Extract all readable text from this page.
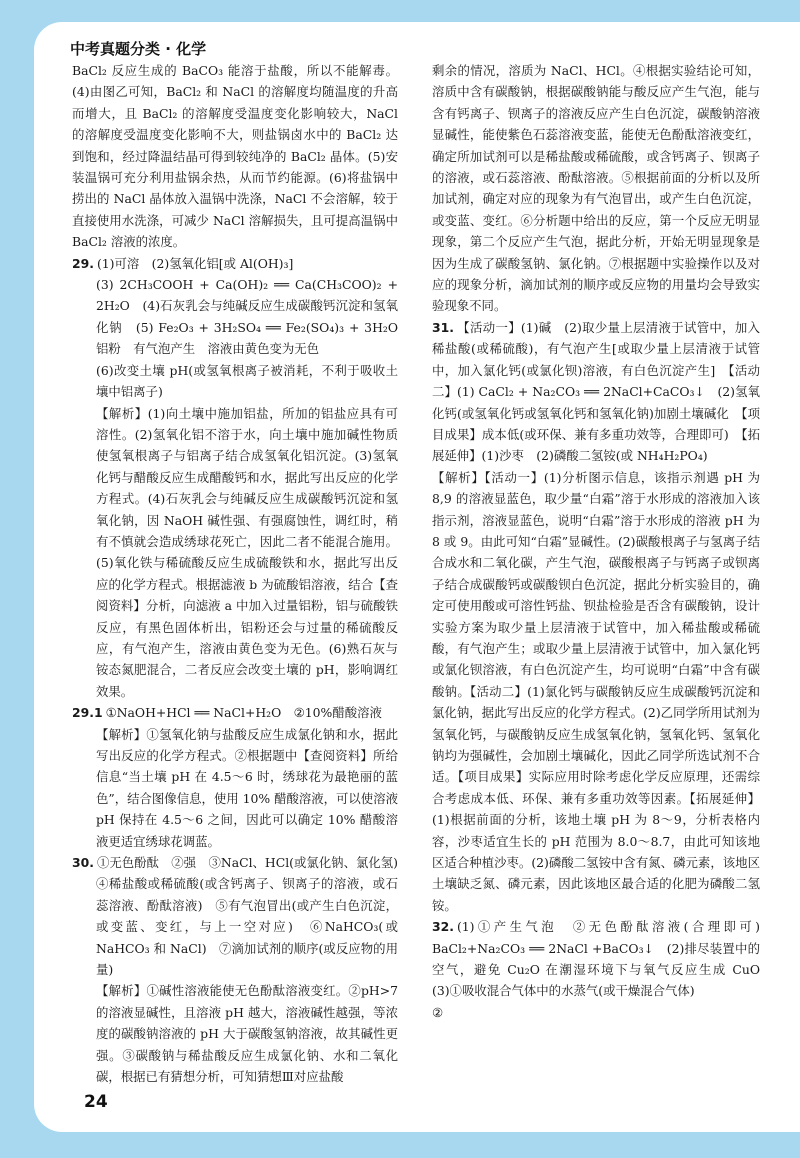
中考真题分类 · 化学

BaCl₂ 反应生成的 BaCO₃ 能溶于盐酸，所以不能解毒。(4)由图乙可知，BaCl₂ 和 NaCl 的溶解度均随温度的升高而增大，且 BaCl₂ 的溶解度受温度变化影响较大，NaCl 的溶解度受温度变化影响不大，则盐锅卤水中的 BaCl₂ 达到饱和，经过降温结晶可得到较纯净的 BaCl₂ 晶体。(5)安装温锅可充分利用盐锅余热，从而节约能源。(6)将盐锅中捞出的 NaCl 晶体放入温锅中洗涤，NaCl 不会溶解，较于直接使用水洗涤，可减少 NaCl 溶解损失，且可提高温锅中 BaCl₂ 溶液的浓度。

29. (1)可溶　(2)氢氧化铝[或 Al(OH)₃]

(3) 2CH₃COOH + Ca(OH)₂ ══ Ca(CH₃COO)₂ + 2H₂O　(4)石灰乳会与纯碱反应生成碳酸钙沉淀和氢氧化钠　(5) Fe₂O₃ + 3H₂SO₄ ══ Fe₂(SO₄)₃ + 3H₂O　铝粉　有气泡产生　溶液由黄色变为无色

(6)改变土壤 pH(或氢氧根离子被消耗，不利于吸收土壤中铝离子)

【解析】(1)向土壤中施加铝盐，所加的铝盐应具有可溶性。(2)氢氧化铝不溶于水，向土壤中施加碱性物质使氢氧根离子与铝离子结合成氢氧化铝沉淀。(3)氢氧化钙与醋酸反应生成醋酸钙和水，据此写出反应的化学方程式。(4)石灰乳会与纯碱反应生成碳酸钙沉淀和氢氧化钠，因 NaOH 碱性强、有强腐蚀性，调红时，稍有不慎就会造成绣球花死亡，因此二者不能混合施用。(5)氧化铁与稀硫酸反应生成硫酸铁和水，据此写出反应的化学方程式。根据滤液 b 为硫酸铝溶液，结合【查阅资料】分析，向滤液 a 中加入过量铝粉，铝与硫酸铁反应，有黑色固体析出，铝粉还会与过量的稀硫酸反应，有气泡产生，溶液由黄色变为无色。(6)熟石灰与铵态氮肥混合，二者反应会改变土壤的 pH，影响调红效果。

29.1 ①NaOH+HCl ══ NaCl+H₂O　②10%醋酸溶液

【解析】①氢氧化钠与盐酸反应生成氯化钠和水，据此写出反应的化学方程式。②根据题中【查阅资料】所给信息“当土壤 pH 在 4.5～6 时，绣球花为最艳丽的蓝色”，结合图像信息，使用 10% 醋酸溶液，可以使溶液 pH 保持在 4.5～6 之间，因此可以确定 10% 醋酸溶液更适宜绣球花调蓝。

30. ①无色酚酞　②强　③NaCl、HCl(或氯化钠、氯化氢)

④稀盐酸或稀硫酸(或含钙离子、钡离子的溶液，或石蕊溶液、酚酞溶液)　⑤有气泡冒出(或产生白色沉淀，或变蓝、变红，与上一空对应)　⑥NaHCO₃(或 NaHCO₃ 和 NaCl)　⑦滴加试剂的顺序(或反应物的用量)

【解析】①碱性溶液能使无色酚酞溶液变红。②pH>7 的溶液显碱性，且溶液 pH 越大，溶液碱性越强，等浓度的碳酸钠溶液的 pH 大于碳酸氢钠溶液，故其碱性更强。③碳酸钠与稀盐酸反应生成氯化钠、水和二氧化碳，根据已有猜想分析，可知猜想Ⅲ对应盐酸

剩余的情况，溶质为 NaCl、HCl。④根据实验结论可知，溶质中含有碳酸钠，根据碳酸钠能与酸反应产生气泡，能与含有钙离子、钡离子的溶液反应产生白色沉淀，碳酸钠溶液显碱性，能使紫色石蕊溶液变蓝，能使无色酚酞溶液变红，确定所加试剂可以是稀盐酸或稀硫酸，或含钙离子、钡离子的溶液，或石蕊溶液、酚酞溶液。⑤根据前面的分析以及所加试剂，确定对应的现象为有气泡冒出，或产生白色沉淀，或变蓝、变红。⑥分析题中给出的反应，第一个反应无明显现象，第二个反应产生气泡，据此分析，开始无明显现象是因为生成了碳酸氢钠、氯化钠。⑦根据题中实验操作以及对应的现象分析，滴加试剂的顺序或反应物的用量均会导致实验现象不同。

31. 【活动一】(1)碱　(2)取少量上层清液于试管中，加入稀盐酸(或稀硫酸)，有气泡产生[或取少量上层清液于试管中，加入氯化钙(或氯化钡)溶液，有白色沉淀产生]　【活动二】(1) CaCl₂ + Na₂CO₃ ══ 2NaCl+CaCO₃↓　(2)氢氧化钙(或氢氧化钙或氢氧化钙和氢氧化钠)加剧土壤碱化　【项目成果】成本低(或环保、兼有多重功效等，合理即可)　【拓展延伸】(1)沙枣　(2)磷酸二氢铵(或 NH₄H₂PO₄)

【解析】【活动一】(1)分析图示信息，该指示剂遇 pH 为 8,9 的溶液显蓝色，取少量“白霜”溶于水形成的溶液加入该指示剂，溶液显蓝色，说明“白霜”溶于水形成的溶液 pH 为 8 或 9。由此可知“白霜”显碱性。(2)碳酸根离子与氢离子结合成水和二氧化碳，产生气泡，碳酸根离子与钙离子或钡离子结合成碳酸钙或碳酸钡白色沉淀，据此分析实验目的，确定可使用酸或可溶性钙盐、钡盐检验是否含有碳酸钠，设计实验方案为取少量上层清液于试管中，加入稀盐酸或稀硫酸，有气泡产生；或取少量上层清液于试管中，加入氯化钙或氯化钡溶液，有白色沉淀产生，均可说明“白霜”中含有碳酸钠。【活动二】(1)氯化钙与碳酸钠反应生成碳酸钙沉淀和氯化钠，据此写出反应的化学方程式。(2)乙同学所用试剂为氢氧化钙，与碳酸钠反应生成氢氧化钠，氢氧化钙、氢氧化钠均为强碱性，会加剧土壤碱化，因此乙同学所选试剂不合适。【项目成果】实际应用时除考虑化学反应原理，还需综合考虑成本低、环保、兼有多重功效等因素。【拓展延伸】(1)根据前面的分析，该地土壤 pH 为 8～9，分析表格内容，沙枣适宜生长的 pH 范围为 8.0～8.7，由此可知该地区适合种植沙枣。(2)磷酸二氢铵中含有氮、磷元素，该地区土壤缺乏氮、磷元素，因此该地区最合适的化肥为磷酸二氢铵。

32. (1)①产生气泡　②无色酚酞溶液(合理即可)　BaCl₂+Na₂CO₃ ══ 2NaCl +BaCO₃↓　(2)排尽装置中的空气，避免 Cu₂O 在潮湿环境下与氧气反应生成 CuO　(3)①吸收混合气体中的水蒸气(或干燥混合气体)

②

24
